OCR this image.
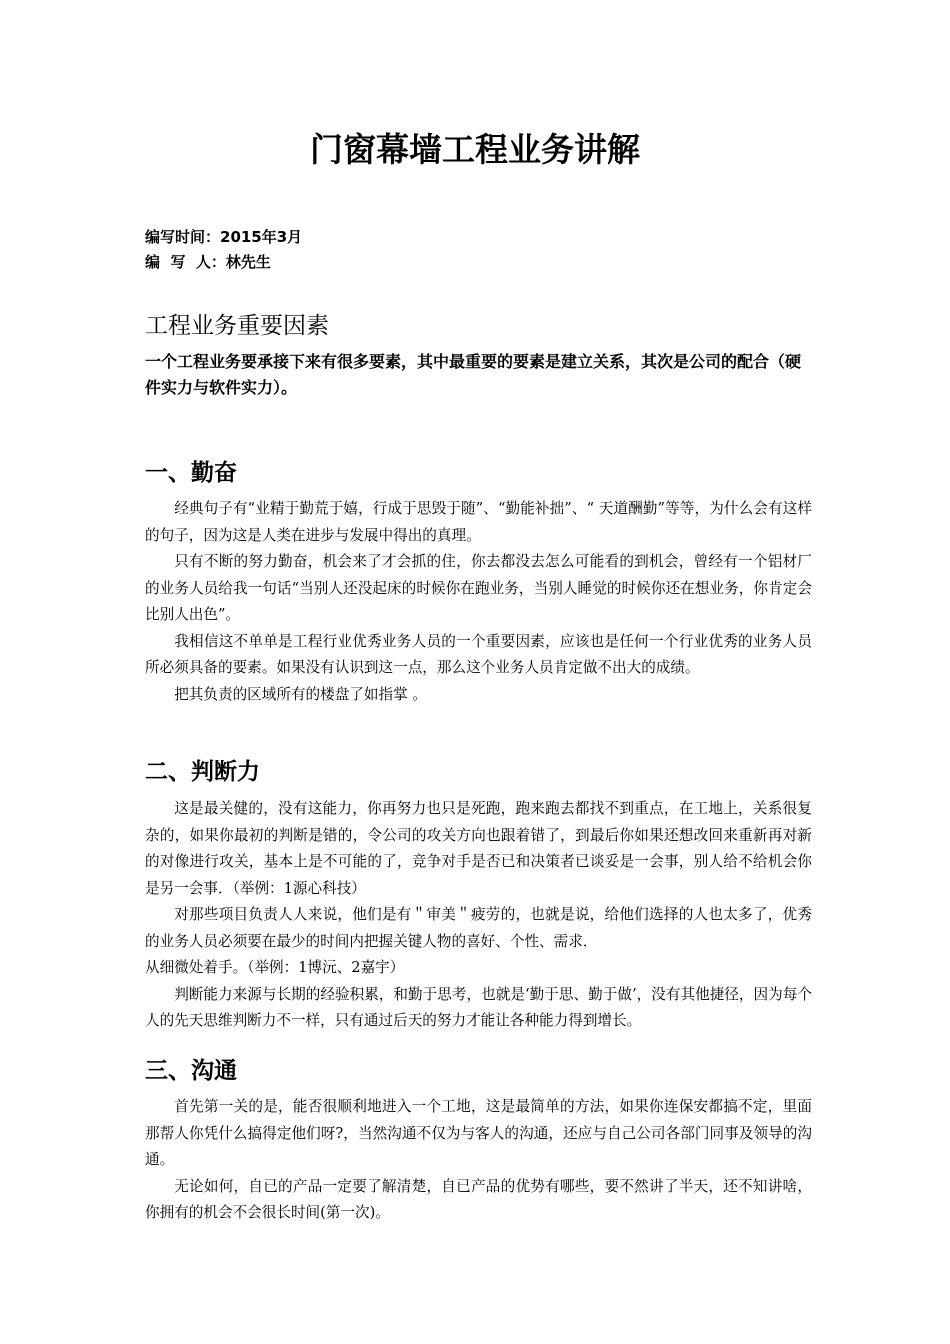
门窗幕墙工程业务讲解
编写时间：2015年3月
编  写  人：林先生
工程业务重要因素
一个工程业务要承接下来有很多要素，其中最重要的要素是建立关系，其次是公司的配合（硬件实力与软件实力）。
一、勤奋

经典句子有“业精于勤荒于嬉，行成于思毁于随”、“勤能补拙”、“ 天道酬勤”等等，为什么会有这样的句子，因为这是人类在进步与发展中得出的真理。

只有不断的努力勤奋，机会来了才会抓的住，你去都没去怎么可能看的到机会，曾经有一个铝材厂的业务人员给我一句话“当别人还没起床的时候你在跑业务，当别人睡觉的时候你还在想业务，你肯定会比别人出色”。

我相信这不单单是工程行业优秀业务人员的一个重要因素，应该也是任何一个行业优秀的业务人员所必须具备的要素。如果没有认识到这一点，那么这个业务人员肯定做不出大的成绩。

把其负责的区域所有的楼盘了如指掌 。

二、判断力

这是最关健的，没有这能力，你再努力也只是死跑，跑来跑去都找不到重点，在工地上，关系很复杂的，如果你最初的判断是错的，令公司的攻关方向也跟着错了，到最后你如果还想改回来重新再对新的对像进行攻关，基本上是不可能的了，竞争对手是否已和决策者已谈妥是一会事，别人给不给机会你是另一会事．（举例：1源心科技）

对那些项目负责人人来说，他们是有＂审美＂疲劳的，也就是说，给他们选择的人也太多了，优秀的业务人员必须要在最少的时间内把握关键人物的喜好、个性、需求．

从细微处着手。（举例：1博沅、2嘉宇）

判断能力来源与长期的经验积累，和勤于思考，也就是‘勤于思、勤于做’，没有其他捷径，因为每个人的先天思维判断力不一样，只有通过后天的努力才能让各种能力得到增长。

三、沟通

首先第一关的是，能否很顺利地进入一个工地，这是最简单的方法，如果你连保安都搞不定，里面那帮人你凭什么搞得定他们呀?，当然沟通不仅为与客人的沟通，还应与自己公司各部门同事及领导的沟通。

无论如何，自已的产品一定要了解清楚，自已产品的优势有哪些，要不然讲了半天，还不知讲啥，你拥有的机会不会很长时间(第一次)。
